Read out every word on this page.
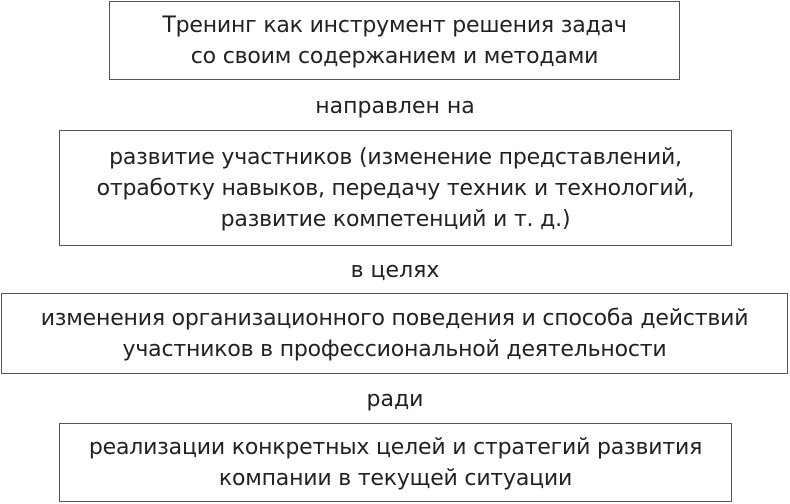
Тренинг как инструмент решения задач
со своим содержанием и методами
направлен на
развитие участников (изменение представлений,
отработку навыков, передачу техник и технологий,
развитие компетенций и т. д.)
в целях
изменения организационного поведения и способа действий
участников в профессиональной деятельности
ради
реализации конкретных целей и стратегий развития
компании в текущей ситуации
